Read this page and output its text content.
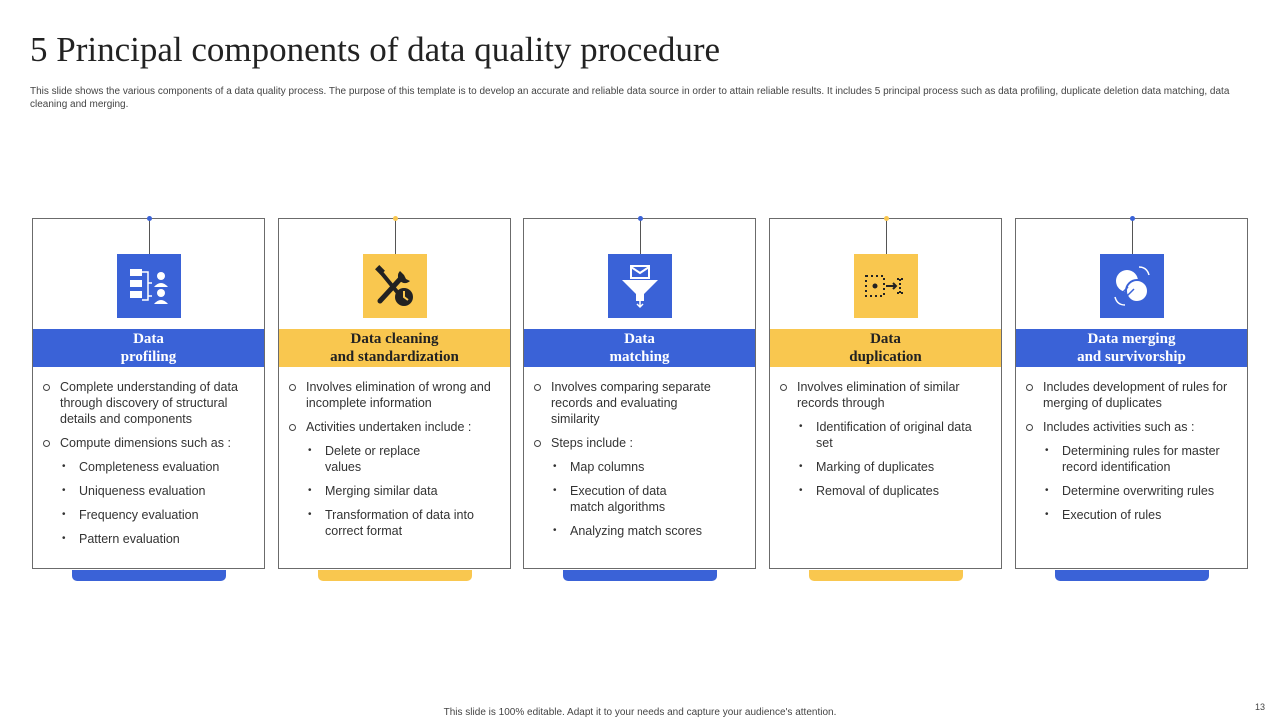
5 Principal components of data quality procedure

This slide shows the various components of a data quality process. The purpose of this template is to develop an accurate and reliable data source in order to attain reliable results. It includes 5 principal process such as data profiling, duplicate deletion data matching, data cleaning and merging.

Data
profiling
Complete understanding of data through discovery of structural details and components
Compute dimensions such as :
• Completeness evaluation
• Uniqueness evaluation
• Frequency evaluation
• Pattern evaluation
Data cleaning
and standardization
Involves elimination of wrong and incomplete information
Activities undertaken include :
• Delete or replace values
• Merging similar data
• Transformation of data into correct format
Data
matching
Involves comparing separate records and evaluating similarity
Steps include :
• Map columns
• Execution of data match algorithms
• Analyzing match scores
Data
duplication
Involves elimination of similar records through
• Identification of original data set
• Marking of duplicates
• Removal of duplicates
Data merging
and survivorship
Includes development of rules for merging of duplicates
Includes activities such as :
• Determining rules for master record identification
• Determine overwriting rules
• Execution of rules
This slide is 100% editable. Adapt it to your needs and capture your audience's attention.	13
